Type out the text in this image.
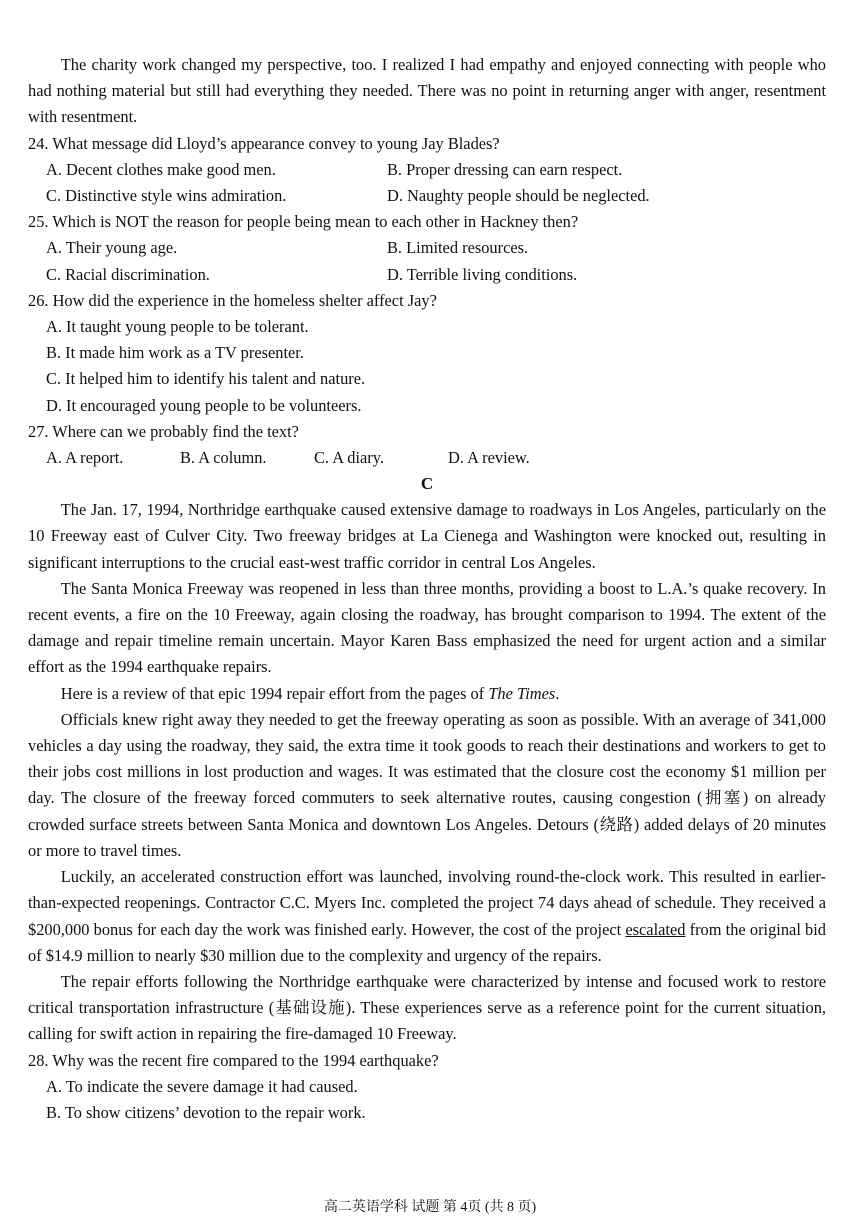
The charity work changed my perspective, too. I realized I had empathy and enjoyed connecting with people who had nothing material but still had everything they needed. There was no point in returning anger with anger, resentment with resentment.

24. What message did Lloyd’s appearance convey to young Jay Blades?

A. Decent clothes make good men.	B. Proper dressing can earn respect.
C. Distinctive style wins admiration.	D. Naughty people should be neglected.

25. Which is NOT the reason for people being mean to each other in Hackney then?

A. Their young age.	B. Limited resources.
C. Racial discrimination.	D. Terrible living conditions.

26. How did the experience in the homeless shelter affect Jay?

A. It taught young people to be tolerant.
B. It made him work as a TV presenter.
C. It helped him to identify his talent and nature.
D. It encouraged young people to be volunteers.

27. Where can we probably find the text?

A. A report.	B. A column.	C. A diary.	D. A review.
C

The Jan. 17, 1994, Northridge earthquake caused extensive damage to roadways in Los Angeles, particularly on the 10 Freeway east of Culver City. Two freeway bridges at La Cienega and Washington were knocked out, resulting in significant interruptions to the crucial east-west traffic corridor in central Los Angeles.

The Santa Monica Freeway was reopened in less than three months, providing a boost to L.A.’s quake recovery. In recent events, a fire on the 10 Freeway, again closing the roadway, has brought comparison to 1994. The extent of the damage and repair timeline remain uncertain. Mayor Karen Bass emphasized the need for urgent action and a similar effort as the 1994 earthquake repairs.

Here is a review of that epic 1994 repair effort from the pages of The Times.

Officials knew right away they needed to get the freeway operating as soon as possible. With an average of 341,000 vehicles a day using the roadway, they said, the extra time it took goods to reach their destinations and workers to get to their jobs cost millions in lost production and wages. It was estimated that the closure cost the economy $1 million per day. The closure of the freeway forced commuters to seek alternative routes, causing congestion (拥塞) on already crowded surface streets between Santa Monica and downtown Los Angeles. Detours (绕路) added delays of 20 minutes or more to travel times.

Luckily, an accelerated construction effort was launched, involving round-the-clock work. This resulted in earlier-than-expected reopenings. Contractor C.C. Myers Inc. completed the project 74 days ahead of schedule. They received a $200,000 bonus for each day the work was finished early. However, the cost of the project escalated from the original bid of $14.9 million to nearly $30 million due to the complexity and urgency of the repairs.

The repair efforts following the Northridge earthquake were characterized by intense and focused work to restore critical transportation infrastructure (基础设施). These experiences serve as a reference point for the current situation, calling for swift action in repairing the fire-damaged 10 Freeway.

28. Why was the recent fire compared to the 1994 earthquake?

A. To indicate the severe damage it had caused.
B. To show citizens’ devotion to the repair work.
高二英语学科 试题 第 4页 (共 8 页)
